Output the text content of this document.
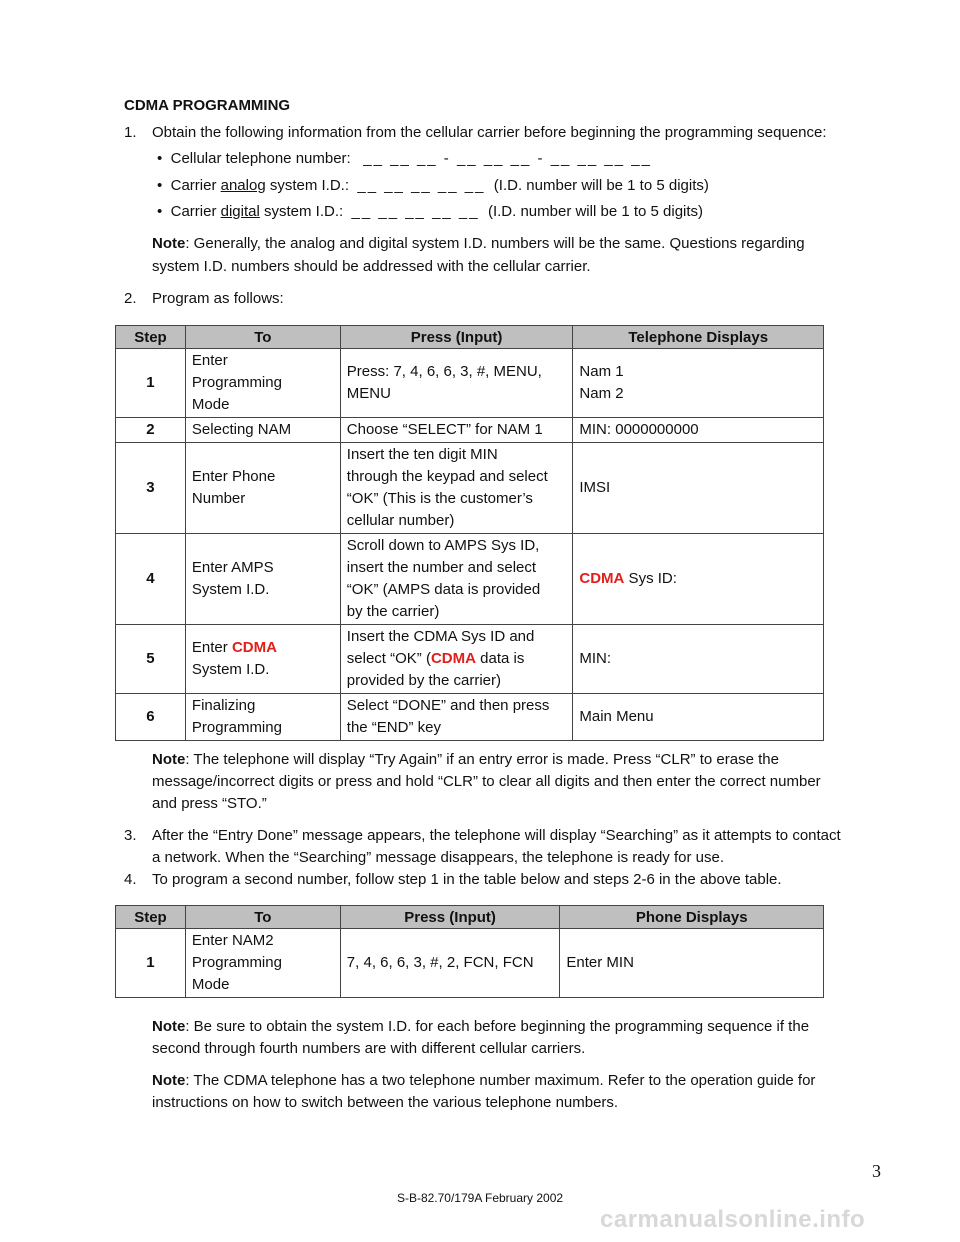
CDMA PROGRAMMING
1. Obtain the following information from the cellular carrier before beginning the programming sequence:
• Cellular telephone number: __ __ __ - __ __ __ - __ __ __ __
• Carrier analog system I.D.: __ __ __ __ __ (I.D. number will be 1 to 5 digits)
• Carrier digital system I.D.: __ __ __ __ __ (I.D. number will be 1 to 5 digits)
Note: Generally, the analog and digital system I.D. numbers will be the same. Questions regarding
system I.D. numbers should be addressed with the cellular carrier.
2. Program as follows:
Step	To	Press (Input)	Telephone Displays
1	Enter
Programming
Mode	Press: 7, 4, 6, 6, 3, #, MENU,
MENU	Nam 1
Nam 2
2	Selecting NAM	Choose “SELECT” for NAM 1	MIN: 0000000000
3	Enter Phone
Number	Insert the ten digit MIN
through the keypad and select
“OK” (This is the customer’s
cellular number)	IMSI
4	Enter AMPS
System I.D.	Scroll down to AMPS Sys ID,
insert the number and select
“OK” (AMPS data is provided
by the carrier)	CDMA Sys ID:
5	Enter CDMA
System I.D.	Insert the CDMA Sys ID and
select “OK” (CDMA data is
provided by the carrier)	MIN:
6	Finalizing
Programming	Select “DONE” and then press
the “END” key	Main Menu
Note: The telephone will display “Try Again” if an entry error is made. Press “CLR” to erase the
message/incorrect digits or press and hold “CLR” to clear all digits and then enter the correct number
and press “STO.”
3. After the “Entry Done” message appears, the telephone will display “Searching” as it attempts to contact
a network. When the “Searching” message disappears, the telephone is ready for use.
4. To program a second number, follow step 1 in the table below and steps 2-6 in the above table.
Step	To	Press (Input)	Phone Displays
1	Enter NAM2
Programming
Mode	7, 4, 6, 6, 3, #, 2, FCN, FCN	Enter MIN
Note: Be sure to obtain the system I.D. for each before beginning the programming sequence if the
second through fourth numbers are with different cellular carriers.
Note: The CDMA telephone has a two telephone number maximum. Refer to the operation guide for
instructions on how to switch between the various telephone numbers.
3
S-B-82.70/179A February 2002
carmanualsonline.info
